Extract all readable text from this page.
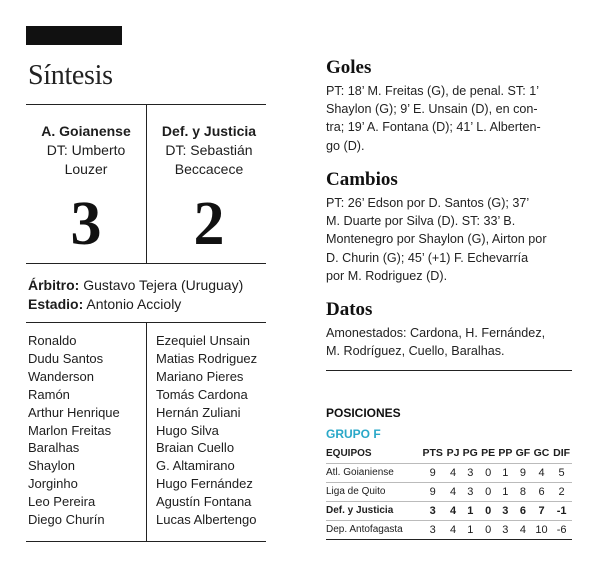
Síntesis
A. Goianense
DT: Umberto
Louzer
Def. y Justicia
DT: Sebastián
Beccacece
3	2
Árbitro: Gustavo Tejera (Uruguay)
Estadio: Antonio Accioly
Ronaldo
Dudu Santos
Wanderson
Ramón
Arthur Henrique
Marlon Freitas
Baralhas
Shaylon
Jorginho
Leo Pereira
Diego Churín
Ezequiel Unsain
Matias Rodriguez
Mariano Pieres
Tomás Cardona
Hernán Zuliani
Hugo Silva
Braian Cuello
G. Altamirano
Hugo Fernández
Agustín Fontana
Lucas Albertengo
Goles
PT: 18’ M. Freitas (G), de penal. ST: 1’
Shaylon (G); 9’ E. Unsain (D), en con-
tra; 19’ A. Fontana (D); 41’ L. Alberten-
go (D).
Cambios
PT: 26’ Edson por D. Santos (G); 37’
M. Duarte por Silva (D). ST: 33’ B.
Montenegro por Shaylon (G), Airton por
D. Churin (G); 45’ (+1) F. Echevarría
por M. Rodriguez (D).
Datos
Amonestados: Cardona, H. Fernández,
M. Rodríguez, Cuello, Baralhas.
POSICIONES
GRUPO F
EQUIPOS	PTS	PJ	PG	PE	PP	GF	GC	DIF
Atl. Goianiense	9	4	3	0	1	9	4	5
Liga de Quito	9	4	3	0	1	8	6	2
Def. y Justicia	3	4	1	0	3	6	7	-1
Dep. Antofagasta	3	4	1	0	3	4	10	-6
